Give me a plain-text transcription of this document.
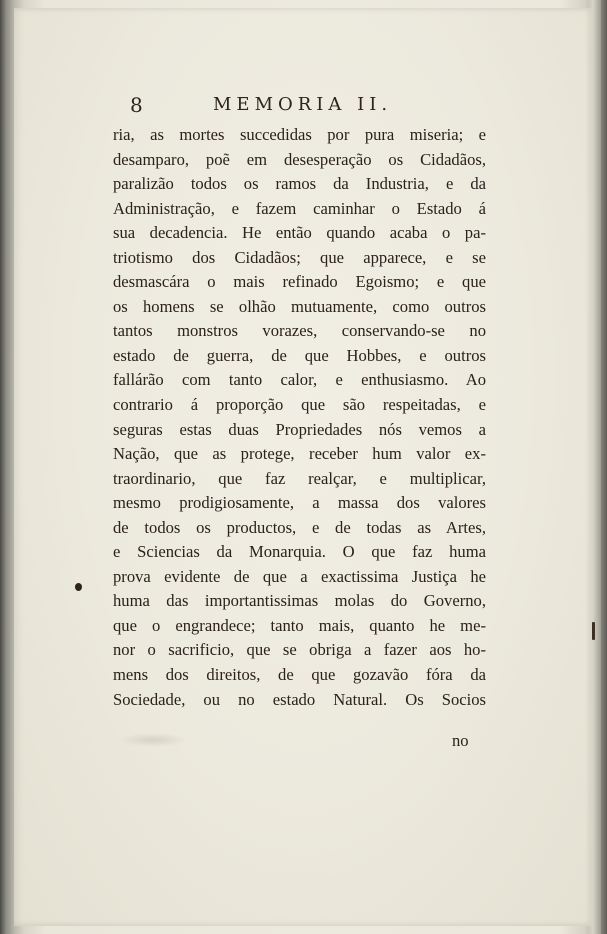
8	MEMORIA II.
ria, as mortes succedidas por pura miseria; e
desamparo, poẽ em desesperação os Cidadãos,
paralizão todos os ramos da Industria, e da
Administração, e fazem caminhar o Estado á
sua decadencia. He então quando acaba o pa-
triotismo dos Cidadãos; que apparece, e se
desmascára o mais refinado Egoismo; e que
os homens se olhão mutuamente, como outros
tantos monstros vorazes, conservando-se no
estado de guerra, de que Hobbes, e outros
fallárão com tanto calor, e enthusiasmo. Ao
contrario á proporção que são respeitadas, e
seguras estas duas Propriedades nós vemos a
Nação, que as protege, receber hum valor ex-
traordinario, que faz realçar, e multiplicar,
mesmo prodigiosamente, a massa dos valores
de todos os productos, e de todas as Artes,
e Sciencias da Monarquia. O que faz huma
prova evidente de que a exactissima Justiça he
huma das importantissimas molas do Governo,
que o engrandece; tanto mais, quanto he me-
nor o sacrificio, que se obriga a fazer aos ho-
mens dos direitos, de que gozavão fóra da
Sociedade, ou no estado Natural. Os Socios
no
